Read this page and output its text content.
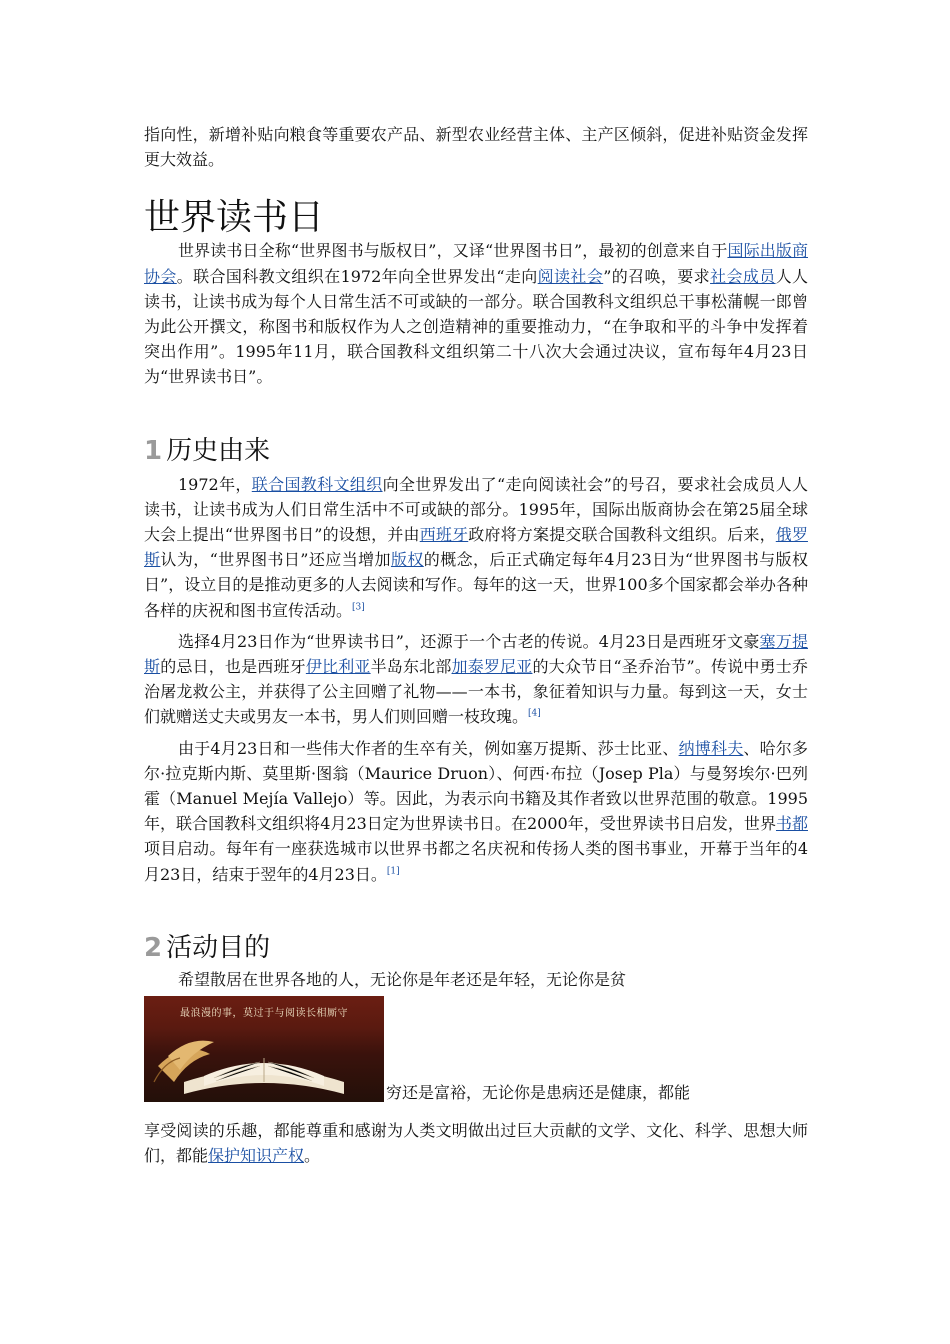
指向性，新增补贴向粮食等重要农产品、新型农业经营主体、主产区倾斜，促进补贴资金发挥更大效益。

世界读书日

世界读书日全称“世界图书与版权日”，又译“世界图书日”，最初的创意来自于国际出版商协会。联合国科教文组织在1972年向全世界发出“走向阅读社会”的召唤，要求社会成员人人读书，让读书成为每个人日常生活不可或缺的一部分。联合国教科文组织总干事松蒲幌一郎曾为此公开撰文，称图书和版权作为人之创造精神的重要推动力，“在争取和平的斗争中发挥着突出作用”。1995年11月，联合国教科文组织第二十八次大会通过决议，宣布每年4月23日为“世界读书日”。

1 历史由来

1972年，联合国教科文组织向全世界发出了“走向阅读社会”的号召，要求社会成员人人读书，让读书成为人们日常生活中不可或缺的部分。1995年，国际出版商协会在第25届全球大会上提出“世界图书日”的设想，并由西班牙政府将方案提交联合国教科文组织。后来，俄罗斯认为，“世界图书日”还应当增加版权的概念，后正式确定每年4月23日为“世界图书与版权日”，设立目的是推动更多的人去阅读和写作。每年的这一天，世界100多个国家都会举办各种各样的庆祝和图书宣传活动。[3]

选择4月23日作为“世界读书日”，还源于一个古老的传说。4月23日是西班牙文豪塞万提斯的忌日，也是西班牙伊比利亚半岛东北部加泰罗尼亚的大众节日“圣乔治节”。传说中勇士乔治屠龙救公主，并获得了公主回赠了礼物——一本书，象征着知识与力量。每到这一天，女士们就赠送丈夫或男友一本书，男人们则回赠一枝玫瑰。[4]

由于4月23日和一些伟大作者的生卒有关，例如塞万提斯、莎士比亚、纳博科夫、哈尔多尔·拉克斯内斯、莫里斯·图翁（Maurice Druon）、何西·布拉（Josep Pla）与曼努埃尔·巴列霍（Manuel Mejía Vallejo）等。因此，为表示向书籍及其作者致以世界范围的敬意。1995年，联合国教科文组织将4月23日定为世界读书日。在2000年，受世界读书日启发，世界书都项目启动。每年有一座获选城市以世界书都之名庆祝和传扬人类的图书事业，开幕于当年的4月23日，结束于翌年的4月23日。[1]

2 活动目的

希望散居在世界各地的人，无论你是年老还是年轻，无论你是贫

最浪漫的事，莫过于与阅读长相厮守

穷还是富裕，无论你是患病还是健康，都能

享受阅读的乐趣，都能尊重和感谢为人类文明做出过巨大贡献的文学、文化、科学、思想大师们，都能保护知识产权。
